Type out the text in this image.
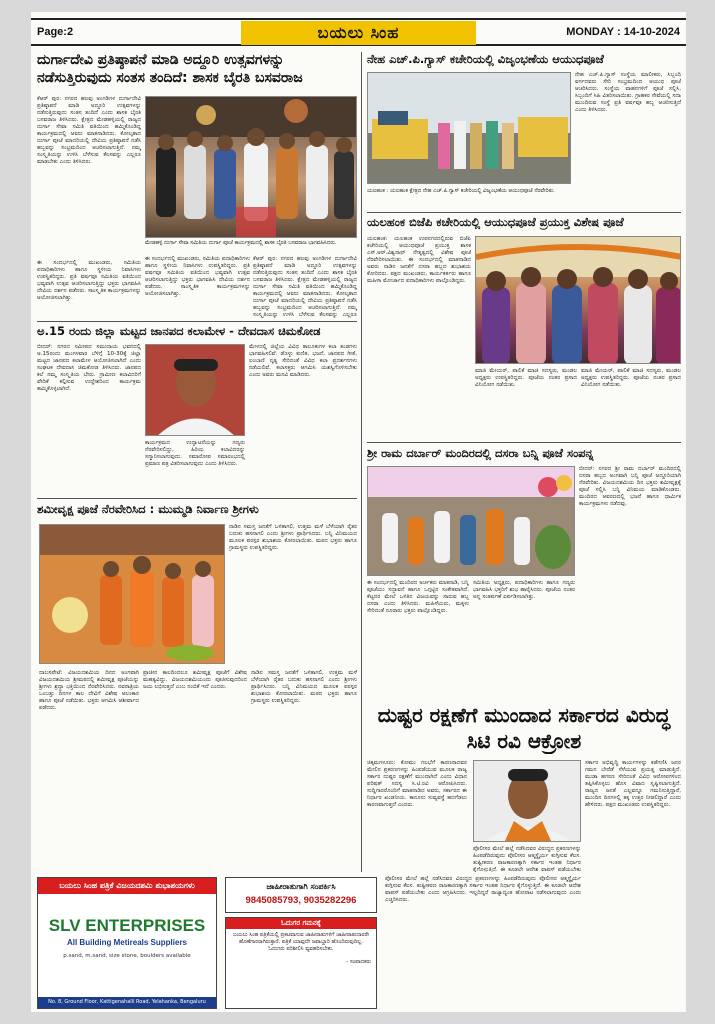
Page:2	ಬಯಲು ಸಿಂಹ	MONDAY : 14-10-2024
ದುರ್ಗಾದೇವಿ ಪ್ರತಿಷ್ಠಾಪನೆ ಮಾಡಿ ಅದ್ದೂರಿ ಉತ್ಸವಗಳನ್ನು ನಡೆಸುತ್ತಿರುವುದು ಸಂತಸ ತಂದಿದೆ: ಶಾಸಕ ಬೈರತಿ ಬಸವರಾಜ
ಕೆಆರ್ ಪುರ: ನಗರದ ಹಲವು ಅಂಗಡಿಗಳ ದುರ್ಗಾದೇವಿ ಪ್ರತಿಷ್ಠಾಪನೆ ಮಾಡಿ ಅದ್ದೂರಿ ಉತ್ಸವಗಳನ್ನು ನಡೆಸುತ್ತಿರುವುದು ಸಂತಸ ತಂದಿದೆ ಎಂದು ಶಾಸಕ ಬೈರತಿ ಬಸವರಾಜ ತಿಳಿಸಿದರು. ಕ್ಷೇತ್ರದ ಮೇಡಹಳ್ಳಿಯಲ್ಲಿ ರಾಜ್ಯದ ದುರ್ಗಾ ಸೇವಾ ಸಮಿತಿ ವತಿಯಿಂದ ಹಮ್ಮಿಕೊಂಡಿದ್ದ ಕಾರ್ಯಕ್ರಮದಲ್ಲಿ ಅವರು ಮಾತನಾಡಿದರು. ಕೋಲ್ಕತಾದ ದುರ್ಗಾ ಪೂಜೆ ಮಾದರಿಯಲ್ಲಿ ದೇವಿಯ ಪ್ರತಿಷ್ಠಾಪನೆ ನಡೆಸಿ ಹಬ್ಬವನ್ನು ಸಂಭ್ರಮದಿಂದ ಆಚರಿಸಲಾಗುತ್ತಿದೆ. ನಮ್ಮ ಸಂಸ್ಕೃತಿಯನ್ನು ಉಳಿಸಿ ಬೆಳೆಸುವ ಕೆಲಸವನ್ನು ಎಲ್ಲರೂ ಮಾಡಬೇಕು ಎಂದು ತಿಳಿಸಿದರು.
ಮೇಡಹಳ್ಳಿ ದುರ್ಗಾ ಸೇವಾ ಸಮಿತಿಯ ದುರ್ಗಾ ಪೂಜೆ ಕಾರ್ಯಕ್ರಮದಲ್ಲಿ ಶಾಸಕ ಬೈರತಿ ಬಸವರಾಜ ಭಾಗವಹಿಸಿದರು.
ಈ ಸಂದರ್ಭದಲ್ಲಿ ಮುಖಂಡರು, ಸಮಿತಿಯ ಪದಾಧಿಕಾರಿಗಳು ಹಾಗೂ ಸ್ಥಳೀಯ ನಿವಾಸಿಗಳು ಉಪಸ್ಥಿತರಿದ್ದರು. ಪ್ರತಿ ವರ್ಷವೂ ಸಮಿತಿಯ ವತಿಯಿಂದ ಭವ್ಯವಾಗಿ ಉತ್ಸವ ಆಚರಿಸಲಾಗುತ್ತಿದ್ದು ಭಕ್ತರು ಭಾಗವಹಿಸಿ ದೇವಿಯ ದರ್ಶನ ಪಡೆದರು. ಸಾಂಸ್ಕೃತಿಕ ಕಾರ್ಯಕ್ರಮಗಳನ್ನು ಆಯೋಜಿಸಲಾಗಿತ್ತು.
ಈ ಸಂದರ್ಭದಲ್ಲಿ ಮುಖಂಡರು, ಸಮಿತಿಯ ಪದಾಧಿಕಾರಿಗಳು ಹಾಗೂ ಸ್ಥಳೀಯ ನಿವಾಸಿಗಳು ಉಪಸ್ಥಿತರಿದ್ದರು. ಪ್ರತಿ ವರ್ಷವೂ ಸಮಿತಿಯ ವತಿಯಿಂದ ಭವ್ಯವಾಗಿ ಉತ್ಸವ ಆಚರಿಸಲಾಗುತ್ತಿದ್ದು ಭಕ್ತರು ಭಾಗವಹಿಸಿ ದೇವಿಯ ದರ್ಶನ ಪಡೆದರು. ಸಾಂಸ್ಕೃತಿಕ ಕಾರ್ಯಕ್ರಮಗಳನ್ನು ಆಯೋಜಿಸಲಾಗಿತ್ತು.
ಕೆಆರ್ ಪುರ: ನಗರದ ಹಲವು ಅಂಗಡಿಗಳ ದುರ್ಗಾದೇವಿ ಪ್ರತಿಷ್ಠಾಪನೆ ಮಾಡಿ ಅದ್ದೂರಿ ಉತ್ಸವಗಳನ್ನು ನಡೆಸುತ್ತಿರುವುದು ಸಂತಸ ತಂದಿದೆ ಎಂದು ಶಾಸಕ ಬೈರತಿ ಬಸವರಾಜ ತಿಳಿಸಿದರು. ಕ್ಷೇತ್ರದ ಮೇಡಹಳ್ಳಿಯಲ್ಲಿ ರಾಜ್ಯದ ದುರ್ಗಾ ಸೇವಾ ಸಮಿತಿ ವತಿಯಿಂದ ಹಮ್ಮಿಕೊಂಡಿದ್ದ ಕಾರ್ಯಕ್ರಮದಲ್ಲಿ ಅವರು ಮಾತನಾಡಿದರು. ಕೋಲ್ಕತಾದ ದುರ್ಗಾ ಪೂಜೆ ಮಾದರಿಯಲ್ಲಿ ದೇವಿಯ ಪ್ರತಿಷ್ಠಾಪನೆ ನಡೆಸಿ ಹಬ್ಬವನ್ನು ಸಂಭ್ರಮದಿಂದ ಆಚರಿಸಲಾಗುತ್ತಿದೆ. ನಮ್ಮ ಸಂಸ್ಕೃತಿಯನ್ನು ಉಳಿಸಿ ಬೆಳೆಸುವ ಕೆಲಸವನ್ನು ಎಲ್ಲರೂ
ಅ.15 ರಂದು ಜಿಲ್ಲಾ ಮಟ್ಟದ ಜಾನಪದ ಕಲಾಮೇಳ - ದೇವದಾಸ ಚಿಮಕೋಡ
ಬೀದರ್: ನಗರದ ಸಮೀಪದ ಸಮುದಾಯ ಭವನದಲ್ಲಿ ಅ.15ರಂದು ಮಂಗಳವಾರ ಬೆಳಿಗ್ಗೆ 10-30ಕ್ಕೆ ಜಿಲ್ಲಾ ಮಟ್ಟದ ಜಾನಪದ ಕಲಾಮೇಳ ಆಯೋಜಿಸಲಾಗಿದೆ ಎಂದು ಸಂಘಟಕ ದೇವದಾಸ ಚಿಮಕೋಡ ತಿಳಿಸಿದರು. ಜಾನಪದ ಕಲೆ ನಮ್ಮ ಸಂಸ್ಕೃತಿಯ ಬೇರು. ಗ್ರಾಮೀಣ ಕಲಾವಿದರಿಗೆ ವೇದಿಕೆ ಕಲ್ಪಿಸುವ ಉದ್ದೇಶದಿಂದ ಕಾರ್ಯಕ್ರಮ ಹಮ್ಮಿಕೊಳ್ಳಲಾಗಿದೆ.
ಕಾರ್ಯಕ್ರಮದ ಉದ್ಘಾಟನೆಯನ್ನು ಗಣ್ಯರು ನೆರವೇರಿಸಲಿದ್ದು, ಹಿರಿಯ ಕಲಾವಿದರನ್ನು ಸನ್ಮಾನಿಸಲಾಗುವುದು. ಸಮಾರೋಪ ಸಮಾರಂಭದಲ್ಲಿ ಪ್ರಮಾಣ ಪತ್ರ ವಿತರಿಸಲಾಗುವುದು ಎಂದು ತಿಳಿಸಿದರು.
ಮೇಳದಲ್ಲಿ ಜಿಲ್ಲೆಯ ವಿವಿಧ ತಾಲೂಕುಗಳ ಕಲಾ ತಂಡಗಳು ಭಾಗವಹಿಸಲಿವೆ. ಡೊಳ್ಳು ಕುಣಿತ, ಭಜನೆ, ಜಾನಪದ ಗೀತೆ, ಲಂಬಾಣಿ ನೃತ್ಯ ಸೇರಿದಂತೆ ವಿವಿಧ ಕಲಾ ಪ್ರದರ್ಶನಗಳು ನಡೆಯಲಿವೆ. ಕಲಾಸಕ್ತರು ಆಗಮಿಸಿ ಯಶಸ್ವಿಗೊಳಿಸಬೇಕು ಎಂದು ಅವರು ಮನವಿ ಮಾಡಿದರು.
ಶಮೀವೃಕ್ಷ ಪೂಜೆ ನೆರವೇರಿಸಿದ : ಮುಮ್ಮಡಿ ನಿರ್ವಾಣ ಶ್ರೀಗಳು
ನಾಡಿನ ಸಮಸ್ತ ಜನತೆಗೆ ಒಳಿತಾಗಲಿ, ಉತ್ತಮ ಮಳೆ ಬೆಳೆಯಾಗಿ ರೈತರ ಬದುಕು ಹಸನಾಗಲಿ ಎಂದು ಶ್ರೀಗಳು ಪ್ರಾರ್ಥಿಸಿದರು. ಬನ್ನಿ ವಿನಿಮಯದ ಮೂಲಕ ಪರಸ್ಪರ ಶುಭಾಶಯ ಕೋರಲಾಯಿತು. ಮಠದ ಭಕ್ತರು ಹಾಗೂ ಗ್ರಾಮಸ್ಥರು ಉಪಸ್ಥಿತರಿದ್ದರು.
ದಾಬಸಪೇಟೆ: ವಿಜಯದಶಮಿಯ ದಿನದ ಅಂಗವಾಗಿ ವಿಜಯದಶಮಿಯ ಶ್ರೀಮಠದಲ್ಲಿ ಶಮೀವೃಕ್ಷ ಪೂಜೆಯನ್ನು ಶ್ರೀಗಳು ಶ್ರದ್ಧಾ ಭಕ್ತಿಯಿಂದ ನೆರವೇರಿಸಿದರು. ನವರಾತ್ರಿಯ ಒಂಬತ್ತು ದಿನಗಳ ಕಾಲ ದೇವಿಗೆ ವಿಶೇಷ ಅಲಂಕಾರ ಹಾಗೂ ಪೂಜೆ ನಡೆಯಿತು. ಭಕ್ತರು ಆಗಮಿಸಿ ಆಶೀರ್ವಾದ ಪಡೆದರು.
ಪ್ರಾಚೀನ ಕಾಲದಿಂದಲೂ ಶಮೀವೃಕ್ಷ ಪೂಜೆಗೆ ವಿಶೇಷ ಮಹತ್ವವಿದ್ದು, ವಿಜಯದಶಮಿಯಂದು ಪೂಜಿಸುವುದರಿಂದ ಜಯ ಲಭಿಸುತ್ತದೆ ಎಂಬ ನಂಬಿಕೆ ಇದೆ ಎಂದರು.
ನಾಡಿನ ಸಮಸ್ತ ಜನತೆಗೆ ಒಳಿತಾಗಲಿ, ಉತ್ತಮ ಮಳೆ ಬೆಳೆಯಾಗಿ ರೈತರ ಬದುಕು ಹಸನಾಗಲಿ ಎಂದು ಶ್ರೀಗಳು ಪ್ರಾರ್ಥಿಸಿದರು. ಬನ್ನಿ ವಿನಿಮಯದ ಮೂಲಕ ಪರಸ್ಪರ ಶುಭಾಶಯ ಕೋರಲಾಯಿತು. ಮಠದ ಭಕ್ತರು ಹಾಗೂ ಗ್ರಾಮಸ್ಥರು ಉಪಸ್ಥಿತರಿದ್ದರು.
ನೇಹ ಎಚ್.ಪಿ.ಗ್ಯಾಸ್ ಕಚೇರಿಯಲ್ಲಿ ವಿಜೃಂಭಣೆಯ ಆಯುಧಪೂಜೆ
ನೇಹ ಎಚ್.ಪಿ.ಗ್ಯಾಸ್ ಸಂಸ್ಥೆಯ ಮಾಲೀಕರು, ಸಿಬ್ಬಂದಿ ವರ್ಗದವರು ಸೇರಿ ಸಂಭ್ರಮದಿಂದ ಆಯುಧ ಪೂಜೆ ಆಚರಿಸಿದರು. ಸಂಸ್ಥೆಯ ವಾಹನಗಳಿಗೆ ಪೂಜೆ ಸಲ್ಲಿಸಿ, ಸಿಬ್ಬಂದಿಗೆ ಸಿಹಿ ವಿತರಿಸಲಾಯಿತು. ಗ್ರಾಹಕರ ಸೇವೆಯಲ್ಲಿ ಸದಾ ಮುಂದಿರುವ ಸಂಸ್ಥೆ ಪ್ರತಿ ವರ್ಷವೂ ಹಬ್ಬ ಆಚರಿಸುತ್ತಿದೆ ಎಂದು ತಿಳಿಸಿದರು.
ಯಲಹಂಕ : ಯಲಹಂಕ ಕ್ಷೇತ್ರದ ನೇಹ ಎಚ್.ಪಿ.ಗ್ಯಾಸ್ ಕಚೇರಿಯಲ್ಲಿ ವಿಜೃಂಭಣೆಯ ಆಯುಧಪೂಜೆ ನೆರವೇರಿತು.
ಯಲಹಂಕ ಬಿಜೆಪಿ ಕಚೇರಿಯಲ್ಲಿ ಆಯುಧಪೂಜೆ ಪ್ರಯುಕ್ತ ವಿಶೇಷ ಪೂಜೆ
ಯಲಹಂಕ: ಯಲಹಂಕ ಉಪನಗರದಲ್ಲಿರುವ ಬಿಜೆಪಿ ಕಚೇರಿಯಲ್ಲಿ ಆಯುಧಪೂಜೆ ಪ್ರಯುಕ್ತ ಶಾಸಕ ಎಸ್.ಆರ್.ವಿಶ್ವನಾಥ್ ನೇತೃತ್ವದಲ್ಲಿ ವಿಶೇಷ ಪೂಜೆ ನೆರವೇರಿಸಲಾಯಿತು. ಈ ಸಂದರ್ಭದಲ್ಲಿ ಮಾತನಾಡಿದ ಅವರು ನಾಡಿನ ಜನತೆಗೆ ದಸರಾ ಹಬ್ಬದ ಶುಭಾಶಯ ಕೋರಿದರು. ಪಕ್ಷದ ಮುಖಂಡರು, ಕಾರ್ಯಕರ್ತರು ಹಾಗೂ ಮಹಿಳಾ ಮೋರ್ಚಾದ ಪದಾಧಿಕಾರಿಗಳು ಪಾಲ್ಗೊಂಡಿದ್ದರು.
ಮಾಜಿ ಮೇಯರ್, ಪಾಲಿಕೆ ಮಾಜಿ ಸದಸ್ಯರು, ಮಂಡಲ ಅಧ್ಯಕ್ಷರು ಉಪಸ್ಥಿತರಿದ್ದರು. ಪೂಜೆಯ ನಂತರ ಪ್ರಸಾದ ವಿನಿಯೋಗ ನಡೆಯಿತು.
ಮಾಜಿ ಮೇಯರ್, ಪಾಲಿಕೆ ಮಾಜಿ ಸದಸ್ಯರು, ಮಂಡಲ ಅಧ್ಯಕ್ಷರು ಉಪಸ್ಥಿತರಿದ್ದರು. ಪೂಜೆಯ ನಂತರ ಪ್ರಸಾದ ವಿನಿಯೋಗ ನಡೆಯಿತು.
ಶ್ರೀ ರಾಮ ದರ್ಬಾರ್ ಮಂದಿರದಲ್ಲಿ ದಸರಾ ಬನ್ನಿ ಪೂಜೆ ಸಂಪನ್ನ
ಬೀದರ್: ನಗರದ ಶ್ರೀ ರಾಮ ದರ್ಬಾರ್ ಮಂದಿರದಲ್ಲಿ ದಸರಾ ಹಬ್ಬದ ಅಂಗವಾಗಿ ಬನ್ನಿ ಪೂಜೆ ಅದ್ದೂರಿಯಾಗಿ ನೆರವೇರಿತು. ವಿಜಯದಶಮಿಯ ದಿನ ಭಕ್ತರು ಶಮೀವೃಕ್ಷಕ್ಕೆ ಪೂಜೆ ಸಲ್ಲಿಸಿ ಬನ್ನಿ ವಿನಿಮಯ ಮಾಡಿಕೊಂಡರು. ಮಂದಿರದ ಆವರಣದಲ್ಲಿ ಭಜನೆ ಹಾಗೂ ಧಾರ್ಮಿಕ ಕಾರ್ಯಕ್ರಮಗಳು ನಡೆದವು.
ಈ ಸಂದರ್ಭದಲ್ಲಿ ಮಂದಿರದ ಅರ್ಚಕರು ಮಾತನಾಡಿ, ಬನ್ನಿ ಪೂಜೆಯು ಸದ್ಭಾವನೆ ಹಾಗೂ ಒಗ್ಗಟ್ಟಿನ ಸಂಕೇತವಾಗಿದೆ. ಕೆಟ್ಟದರ ಮೇಲೆ ಒಳಿತಿನ ವಿಜಯವನ್ನು ಸಾರುವ ಹಬ್ಬ ದಸರಾ ಎಂದು ತಿಳಿಸಿದರು. ಮಹಿಳೆಯರು, ಮಕ್ಕಳು ಸೇರಿದಂತೆ ನೂರಾರು ಭಕ್ತರು ಪಾಲ್ಗೊಂಡಿದ್ದರು.
ಸಮಿತಿಯ ಅಧ್ಯಕ್ಷರು, ಪದಾಧಿಕಾರಿಗಳು ಹಾಗೂ ಗಣ್ಯರು ಭಾಗವಹಿಸಿ ಭಕ್ತರಿಗೆ ಶುಭ ಹಾರೈಸಿದರು. ಪೂಜೆಯ ನಂತರ ಅನ್ನ ಸಂತರ್ಪಣೆ ಏರ್ಪಡಿಸಲಾಗಿತ್ತು.
ದುಷ್ಟರ ರಕ್ಷಣೆಗೆ ಮುಂದಾದ ಸರ್ಕಾರದ ವಿರುದ್ಧ ಸಿಟಿ ರವಿ ಆಕ್ರೋಶ
ಚಿಕ್ಕಮಗಳೂರು: ಕೋಮು ಗಲಭೆಗೆ ಕಾರಣರಾದವರ ಮೇಲಿನ ಪ್ರಕರಣಗಳನ್ನು ಹಿಂಪಡೆಯುವ ಮೂಲಕ ರಾಜ್ಯ ಸರ್ಕಾರ ದುಷ್ಟರ ರಕ್ಷಣೆಗೆ ಮುಂದಾಗಿದೆ ಎಂದು ವಿಧಾನ ಪರಿಷತ್ ಸದಸ್ಯ ಸಿ.ಟಿ.ರವಿ ಆರೋಪಿಸಿದರು. ಸುದ್ದಿಗಾರರೊಂದಿಗೆ ಮಾತನಾಡಿದ ಅವರು, ಸರ್ಕಾರದ ಈ ನಿರ್ಧಾರ ಖಂಡನೀಯ. ಕಾನೂನು ಸುವ್ಯವಸ್ಥೆ ಹದಗೆಡಲು ಕಾರಣವಾಗುತ್ತದೆ ಎಂದರು.
ಪೊಲೀಸರ ಮೇಲೆ ಹಲ್ಲೆ ನಡೆಸಿದವರ ವಿರುದ್ಧದ ಪ್ರಕರಣಗಳನ್ನು ಹಿಂಪಡೆದಿರುವುದು ಪೊಲೀಸರ ಆತ್ಮಸ್ಥೈರ್ಯ ಕುಗ್ಗಿಸುವ ಕೆಲಸ. ತುಷ್ಟೀಕರಣ ರಾಜಕಾರಣಕ್ಕಾಗಿ ಸರ್ಕಾರ ಇಂತಹ ನಿರ್ಧಾರ ಕೈಗೊಳ್ಳುತ್ತಿದೆ. ಈ ಕೂಡಲೇ ಆದೇಶ ವಾಪಸ್ ಪಡೆಯಬೇಕು
ಸರ್ಕಾರ ಅಭಿವೃದ್ಧಿ ಕಾರ್ಯಗಳನ್ನು ಕಡೆಗಣಿಸಿ ಜನರ ಗಮನ ಬೇರೆಡೆ ಸೆಳೆಯುವ ಪ್ರಯತ್ನ ಮಾಡುತ್ತಿದೆ. ಮುಡಾ ಹಗರಣ ಸೇರಿದಂತೆ ವಿವಿಧ ಆರೋಪಗಳಿಂದ ತಪ್ಪಿಸಿಕೊಳ್ಳಲು ಹೊಸ ವಿವಾದ ಸೃಷ್ಟಿಸಲಾಗುತ್ತಿದೆ. ರಾಜ್ಯದ ಜನತೆ ಎಲ್ಲವನ್ನೂ ಗಮನಿಸುತ್ತಿದ್ದಾರೆ, ಮುಂದಿನ ದಿನಗಳಲ್ಲಿ ತಕ್ಕ ಉತ್ತರ ನೀಡಲಿದ್ದಾರೆ ಎಂದು ಹೇಳಿದರು. ಪಕ್ಷದ ಮುಖಂಡರು ಉಪಸ್ಥಿತರಿದ್ದರು.
ಪೊಲೀಸರ ಮೇಲೆ ಹಲ್ಲೆ ನಡೆಸಿದವರ ವಿರುದ್ಧದ ಪ್ರಕರಣಗಳನ್ನು ಹಿಂಪಡೆದಿರುವುದು ಪೊಲೀಸರ ಆತ್ಮಸ್ಥೈರ್ಯ ಕುಗ್ಗಿಸುವ ಕೆಲಸ. ತುಷ್ಟೀಕರಣ ರಾಜಕಾರಣಕ್ಕಾಗಿ ಸರ್ಕಾರ ಇಂತಹ ನಿರ್ಧಾರ ಕೈಗೊಳ್ಳುತ್ತಿದೆ. ಈ ಕೂಡಲೇ ಆದೇಶ ವಾಪಸ್ ಪಡೆಯಬೇಕು ಎಂದು ಆಗ್ರಹಿಸಿದರು. ಇಲ್ಲದಿದ್ದರೆ ರಾಜ್ಯಾದ್ಯಂತ ಹೋರಾಟ ನಡೆಸಲಾಗುವುದು ಎಂದು ಎಚ್ಚರಿಸಿದರು.
ಬಯಲು ಸಿಂಹ ಪತ್ರಿಕೆ ವಿಜಯದಶಮಿ ಶುಭಾಶಯಗಳು
SLV ENTERPRISES
All Building Metireals Suppliers
p.sand, m.sand, size stone, boulders available
No. 8, Ground Floor, Kattigenahalli Road, Yelahanka, Bengaluru
ಜಾಹೀರಾತುಗಾಗಿ ಸಂಪರ್ಕಿಸಿ
9845085793, 9035282296
ಓದುಗರ ಗಮನಕ್ಕೆ
ಬಯಲು ಸಿಂಹ ಪತ್ರಿಕೆಯಲ್ಲಿ ಪ್ರಕಟವಾಗುವ ಜಾಹೀರಾತುಗಳಿಗೆ ಜಾಹೀರಾತುದಾರರೇ ಹೊಣೆಗಾರರಾಗಿರುತ್ತಾರೆ. ಪತ್ರಿಕೆ ಯಾವುದೇ ಜವಾಬ್ದಾರಿ ಹೊಂದಿರುವುದಿಲ್ಲ. ಓದುಗರು ಪರಿಶೀಲಿಸಿ ವ್ಯವಹರಿಸಬೇಕು.
- ಸಂಪಾದಕರು
